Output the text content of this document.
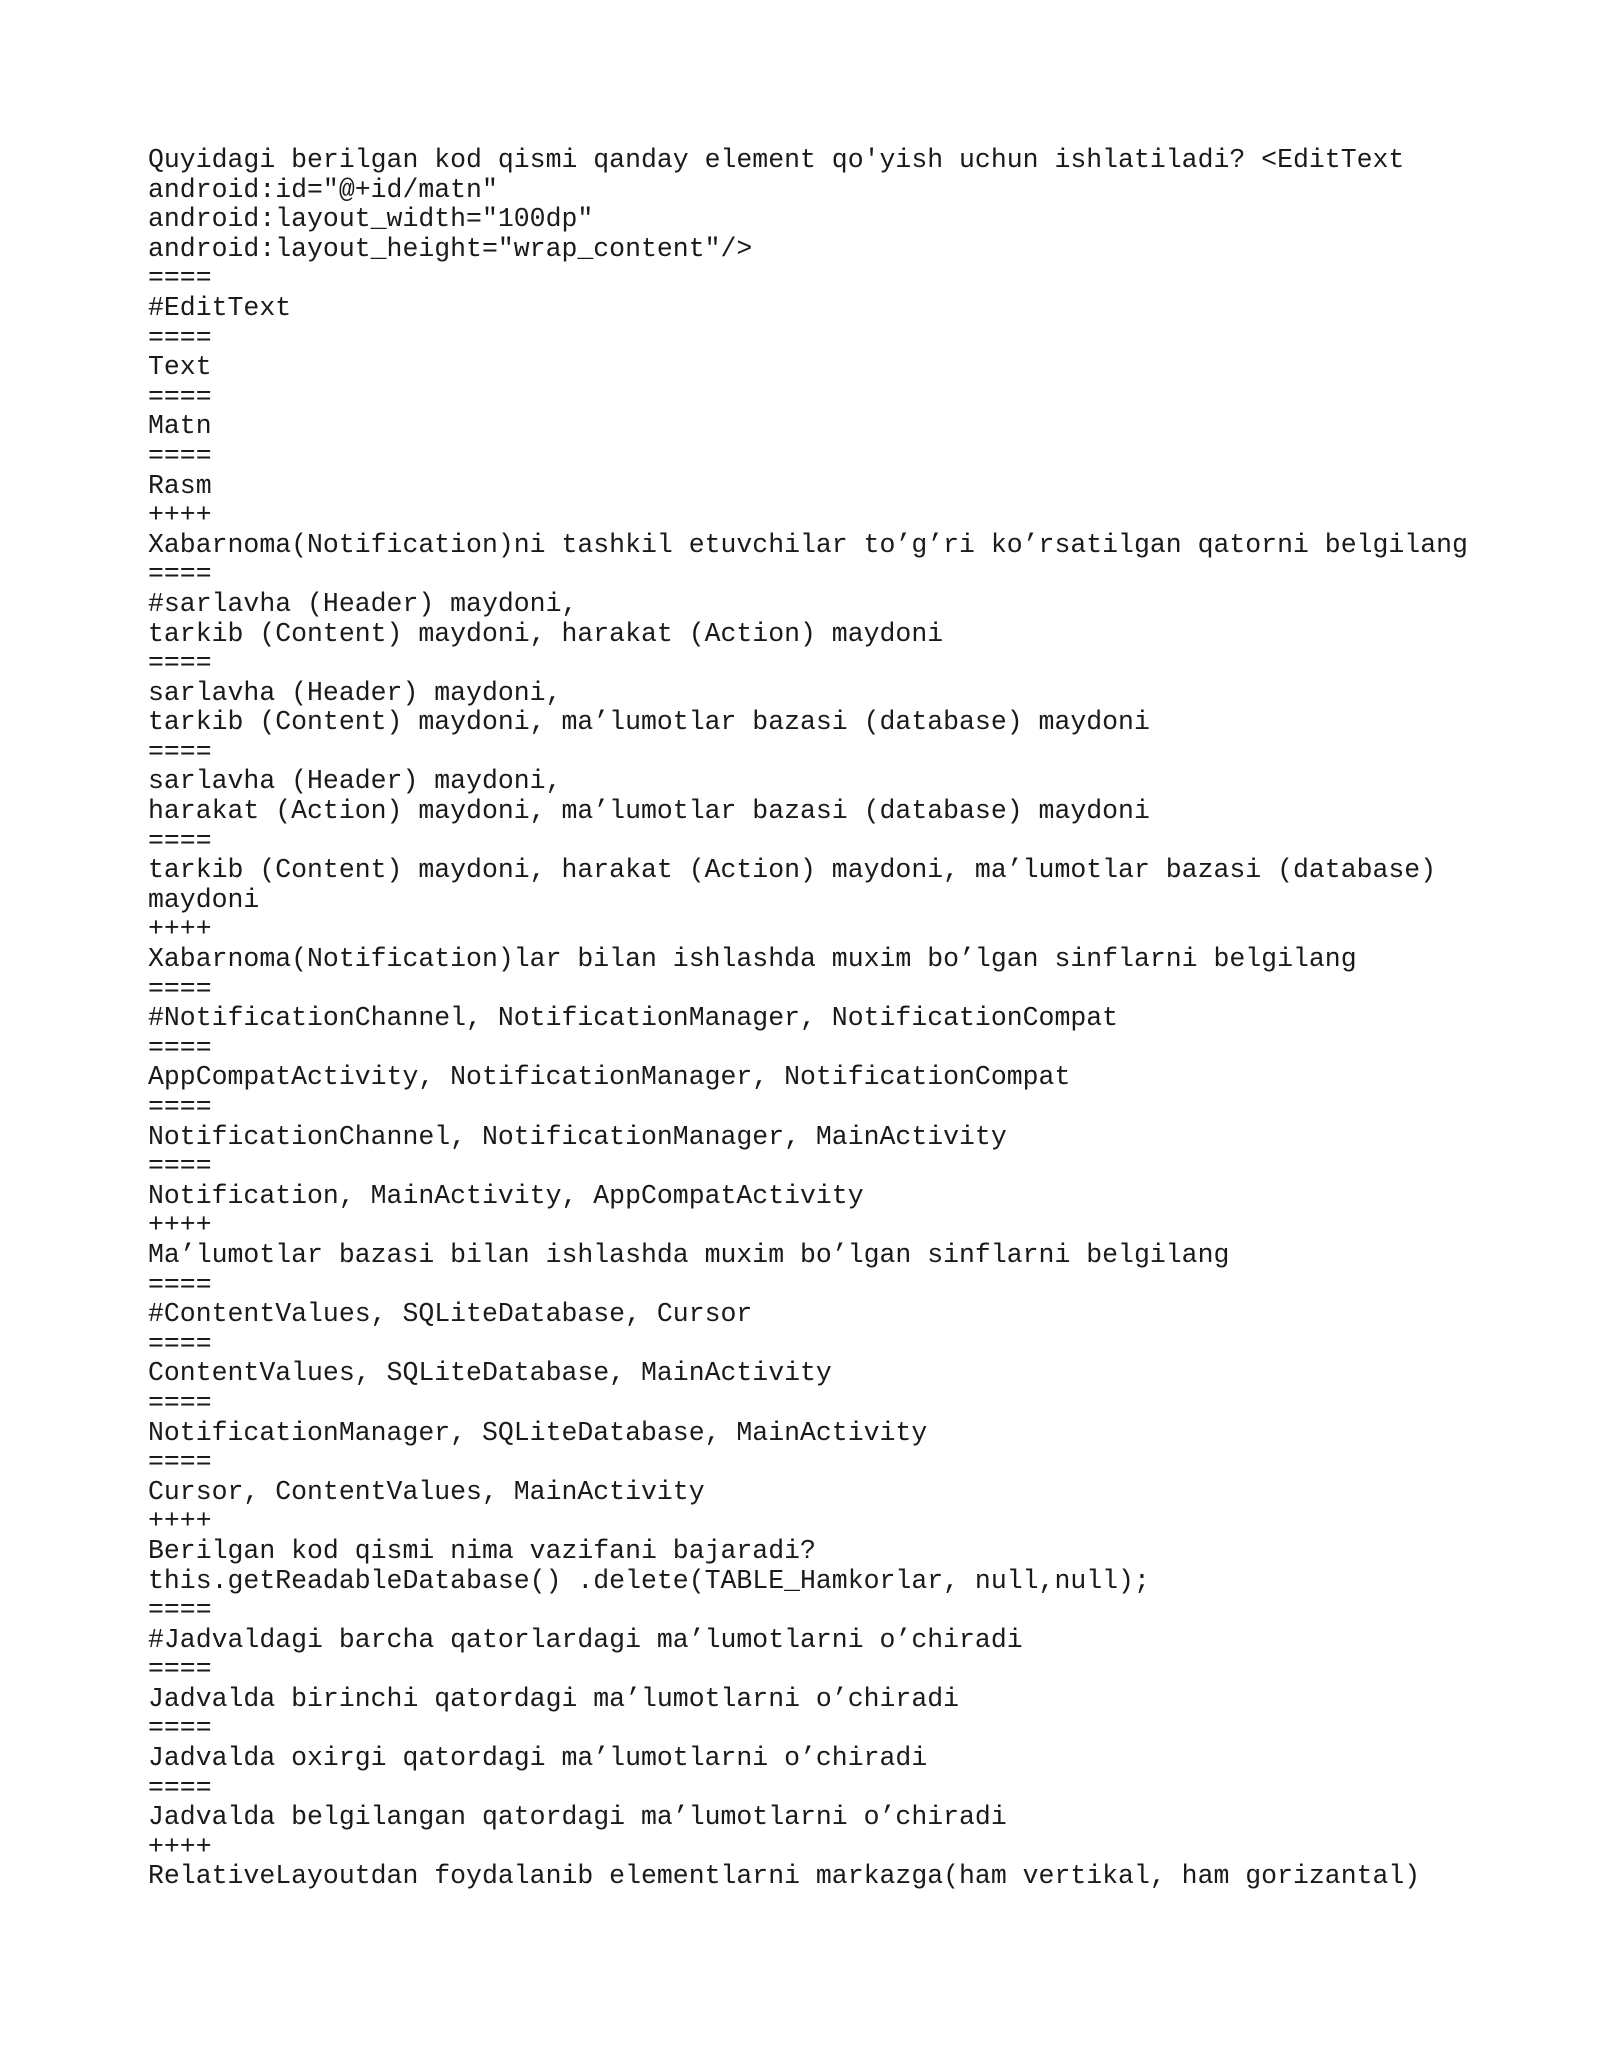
Quyidagi berilgan kod qismi qanday element qo'yish uchun ishlatiladi? <EditText

android:id="@+id/matn"

android:layout_width="100dp"

android:layout_height="wrap_content"/>

====

#EditText

====

Text

====

Matn

====

Rasm

++++

Xabarnoma(Notification)ni tashkil etuvchilar to’g’ri ko’rsatilgan qatorni belgilang

====

#sarlavha (Header) maydoni,

tarkib (Content) maydoni, harakat (Action) maydoni

====

sarlavha (Header) maydoni,

tarkib (Content) maydoni, ma’lumotlar bazasi (database) maydoni

====

sarlavha (Header) maydoni,

harakat (Action) maydoni, ma’lumotlar bazasi (database) maydoni

====

tarkib (Content) maydoni, harakat (Action) maydoni, ma’lumotlar bazasi (database)

maydoni

++++

Xabarnoma(Notification)lar bilan ishlashda muxim bo’lgan sinflarni belgilang

====

#NotificationChannel, NotificationManager, NotificationCompat

====

AppCompatActivity, NotificationManager, NotificationCompat

====

NotificationChannel, NotificationManager, MainActivity

====

Notification, MainActivity, AppCompatActivity

++++

Ma’lumotlar bazasi bilan ishlashda muxim bo’lgan sinflarni belgilang

====

#ContentValues, SQLiteDatabase, Cursor

====

ContentValues, SQLiteDatabase, MainActivity

====

NotificationManager, SQLiteDatabase, MainActivity

====

Cursor, ContentValues, MainActivity

++++

Berilgan kod qismi nima vazifani bajaradi?

this.getReadableDatabase() .delete(TABLE_Hamkorlar, null,null);

====

#Jadvaldagi barcha qatorlardagi ma’lumotlarni o’chiradi

====

Jadvalda birinchi qatordagi ma’lumotlarni o’chiradi

====

Jadvalda oxirgi qatordagi ma’lumotlarni o’chiradi

====

Jadvalda belgilangan qatordagi ma’lumotlarni o’chiradi

++++

RelativeLayoutdan foydalanib elementlarni markazga(ham vertikal, ham gorizantal)
